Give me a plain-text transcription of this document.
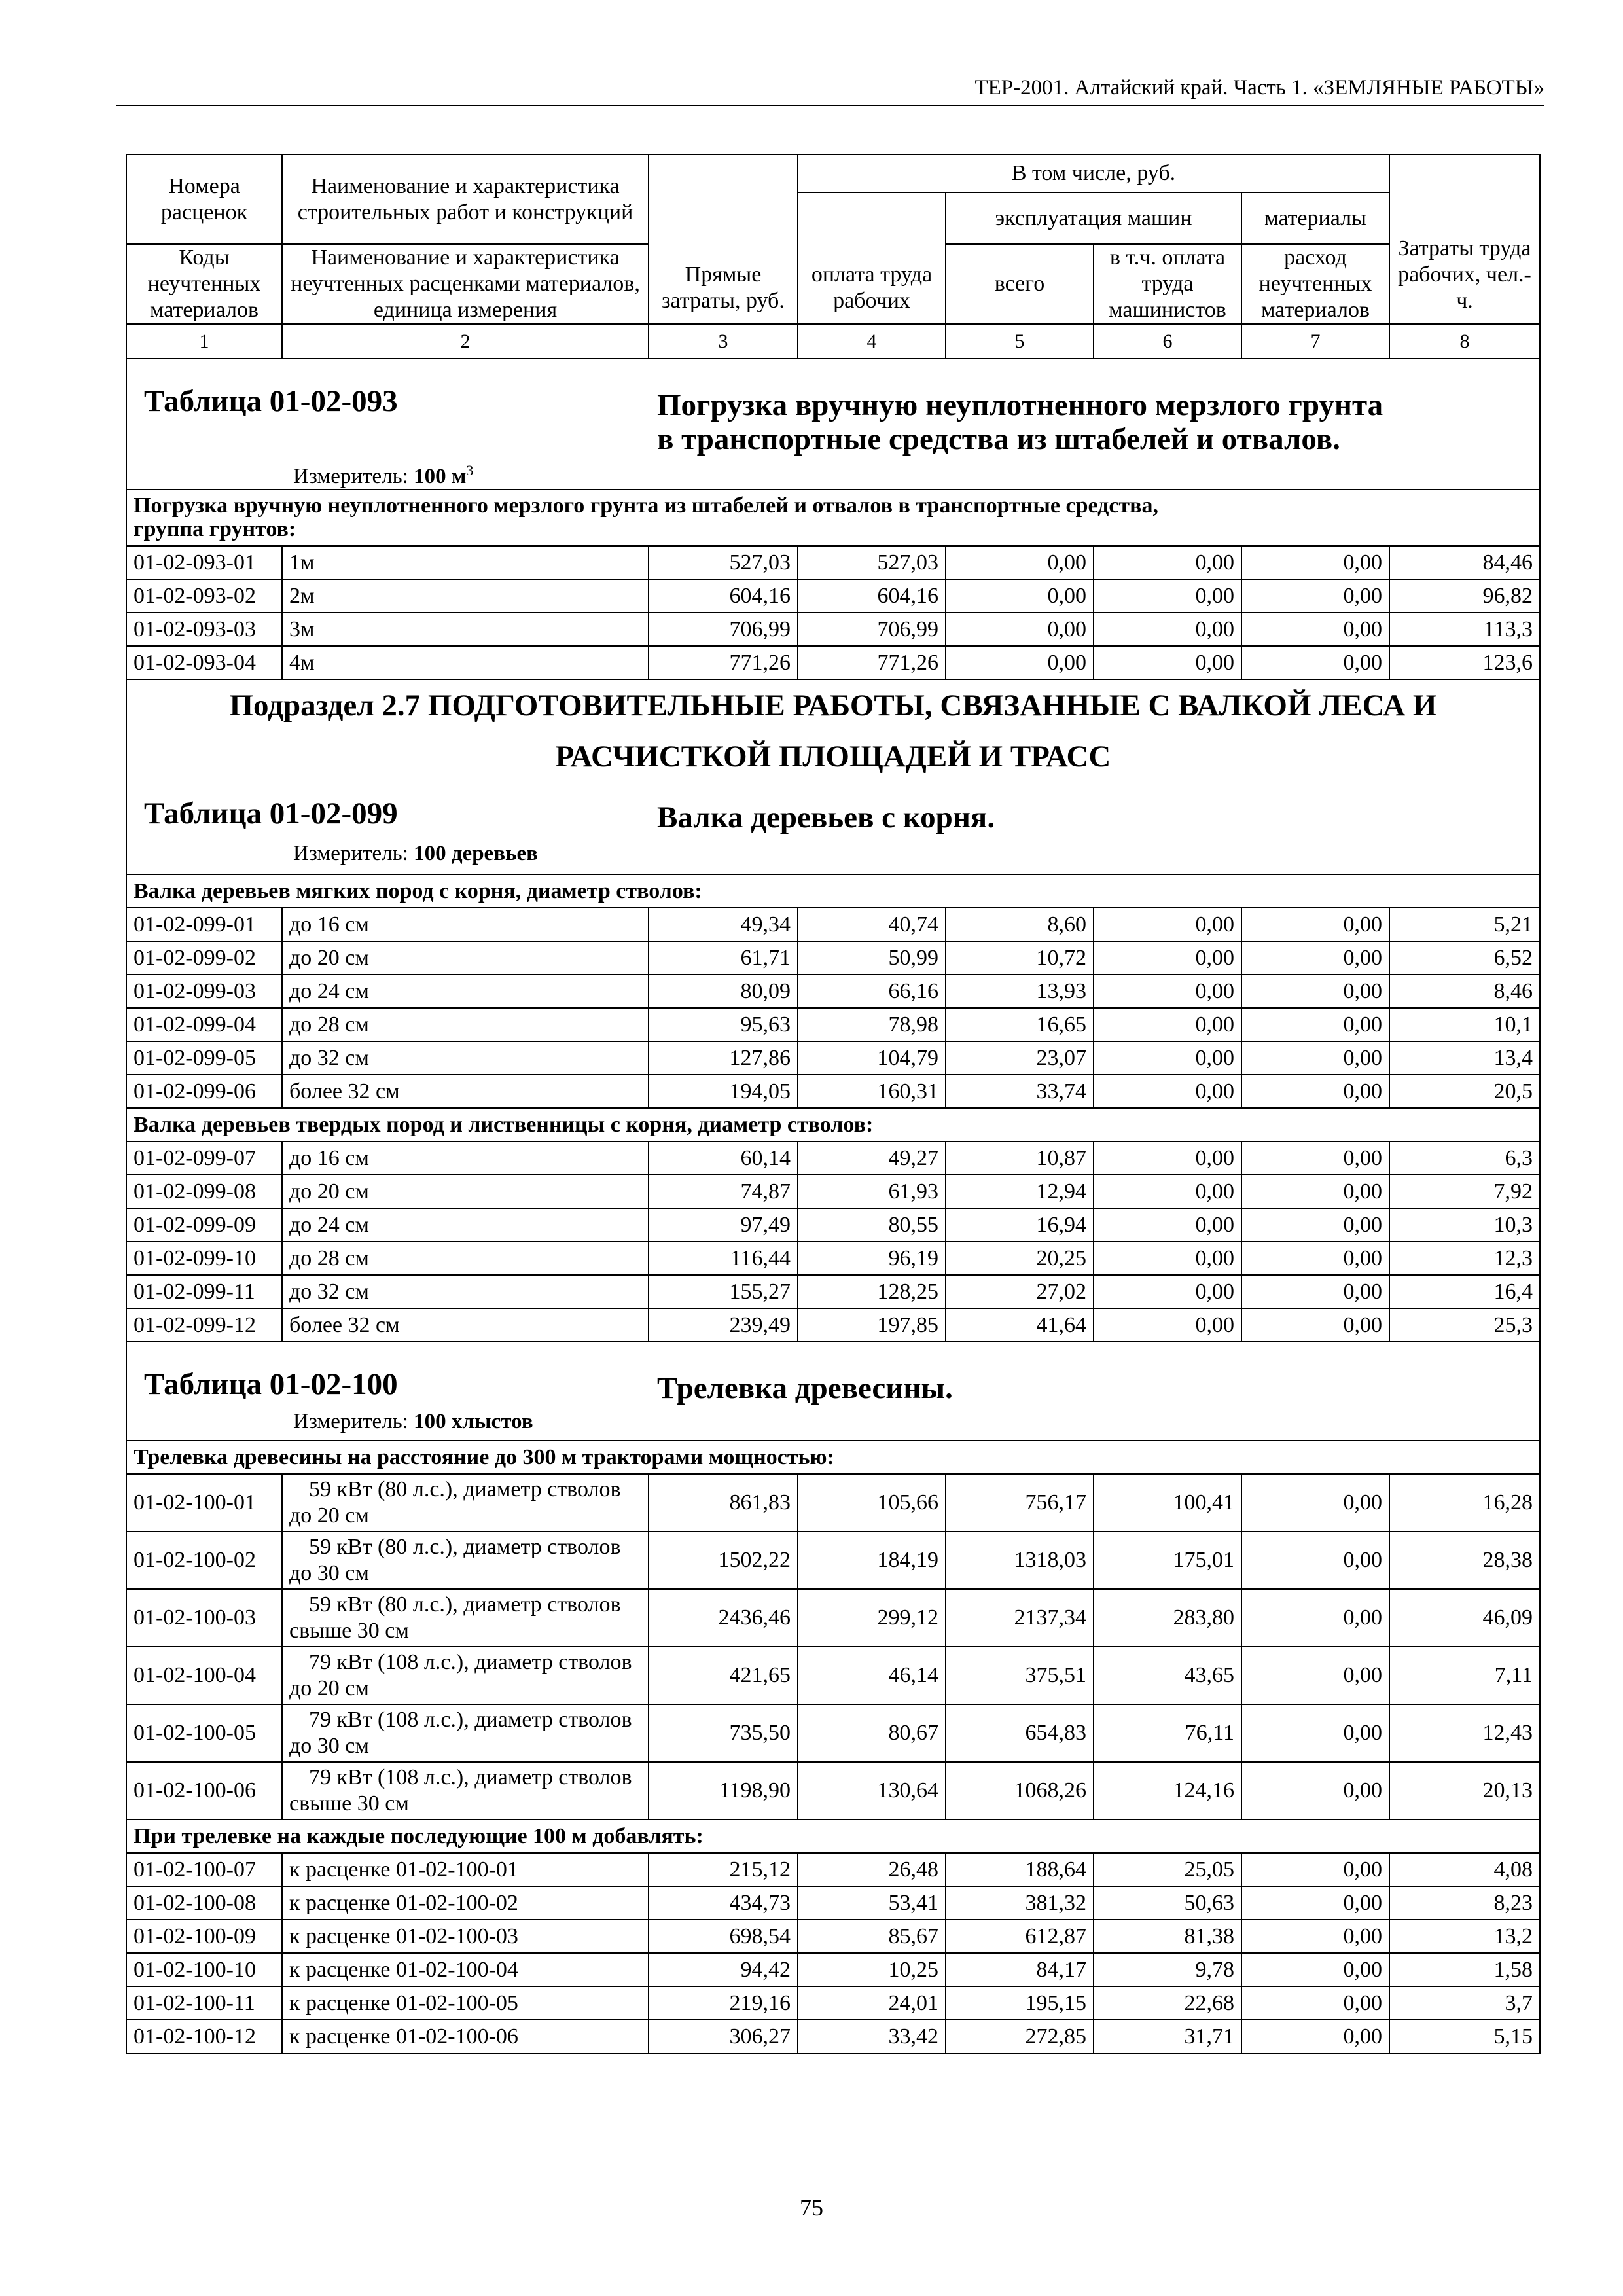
ТЕР-2001. Алтайский край. Часть 1. «ЗЕМЛЯНЫЕ РАБОТЫ»
Номера расценок	Наименование и характеристика строительных работ и конструкций	Прямые затраты, руб.	В том числе, руб.				Затраты труда рабочих, чел.-ч.
			оплата труда рабочих	эксплуатация машин		материалы	
Коды неучтенных материалов	Наименование и характеристика неучтенных расценками материалов, единица измерения			всего	в т.ч. оплата труда машинистов	расход неучтенных материалов	
1	2	3	4	5	6	7	8

Таблица 01-02-093 Погрузка вручную неуплотненного мерзлого грунта
в транспортные средства из штабелей и отвалов.
Измеритель: 100 $м^3$

Погрузка вручную неуплотненного мерзлого грунта из штабелей и отвалов в транспортные средства,
группа грунтов:							

01-02-093-01	1м	527,03	527,03	0,00	0,00	0,00	84,46
01-02-093-02	2м	604,16	604,16	0,00	0,00	0,00	96,82
01-02-093-03	3м	706,99	706,99	0,00	0,00	0,00	113,3
01-02-093-04	4м	771,26	771,26	0,00	0,00	0,00	123,6

Подраздел 2.7 ПОДГОТОВИТЕЛЬНЫЕ РАБОТЫ, СВЯЗАННЫЕ С ВАЛКОЙ ЛЕСА И
РАСЧИСТКОЙ ПЛОЩАДЕЙ И ТРАСС
Таблица 01-02-099 Валка деревьев с корня.
Измеритель: 100 деревьев							

Валка деревьев мягких пород с корня, диаметр стволов:							
01-02-099-01	до 16 см	49,34	40,74	8,60	0,00	0,00	5,21
01-02-099-02	до 20 см	61,71	50,99	10,72	0,00	0,00	6,52
01-02-099-03	до 24 см	80,09	66,16	13,93	0,00	0,00	8,46
01-02-099-04	до 28 см	95,63	78,98	16,65	0,00	0,00	10,1
01-02-099-05	до 32 см	127,86	104,79	23,07	0,00	0,00	13,4
01-02-099-06	более 32 см	194,05	160,31	33,74	0,00	0,00	20,5
Валка деревьев твердых пород и лиственницы с корня, диаметр стволов:							
01-02-099-07	до 16 см	60,14	49,27	10,87	0,00	0,00	6,3
01-02-099-08	до 20 см	74,87	61,93	12,94	0,00	0,00	7,92
01-02-099-09	до 24 см	97,49	80,55	16,94	0,00	0,00	10,3
01-02-099-10	до 28 см	116,44	96,19	20,25	0,00	0,00	12,3
01-02-099-11	до 32 см	155,27	128,25	27,02	0,00	0,00	16,4
01-02-099-12	более 32 см	239,49	197,85	41,64	0,00	0,00	25,3

Таблица 01-02-100 Трелевка древесины.
Измеритель: 100 хлыстов							

Трелевка древесины на расстояние до 300 м тракторами мощностью:							
01-02-100-01	59 кВт (80 л.с.), диаметр стволов до 20 см	861,83	105,66	756,17	100,41	0,00	16,28
01-02-100-02	59 кВт (80 л.с.), диаметр стволов до 30 см	1502,22	184,19	1318,03	175,01	0,00	28,38
01-02-100-03	59 кВт (80 л.с.), диаметр стволов свыше 30 см	2436,46	299,12	2137,34	283,80	0,00	46,09
01-02-100-04	79 кВт (108 л.с.), диаметр стволов до 20 см	421,65	46,14	375,51	43,65	0,00	7,11
01-02-100-05	79 кВт (108 л.с.), диаметр стволов до 30 см	735,50	80,67	654,83	76,11	0,00	12,43
01-02-100-06	79 кВт (108 л.с.), диаметр стволов свыше 30 см	1198,90	130,64	1068,26	124,16	0,00	20,13
При трелевке на каждые последующие 100 м добавлять:							
01-02-100-07	к расценке 01-02-100-01	215,12	26,48	188,64	25,05	0,00	4,08
01-02-100-08	к расценке 01-02-100-02	434,73	53,41	381,32	50,63	0,00	8,23
01-02-100-09	к расценке 01-02-100-03	698,54	85,67	612,87	81,38	0,00	13,2
01-02-100-10	к расценке 01-02-100-04	94,42	10,25	84,17	9,78	0,00	1,58
01-02-100-11	к расценке 01-02-100-05	219,16	24,01	195,15	22,68	0,00	3,7
01-02-100-12	к расценке 01-02-100-06	306,27	33,42	272,85	31,71	0,00	5,15
75
